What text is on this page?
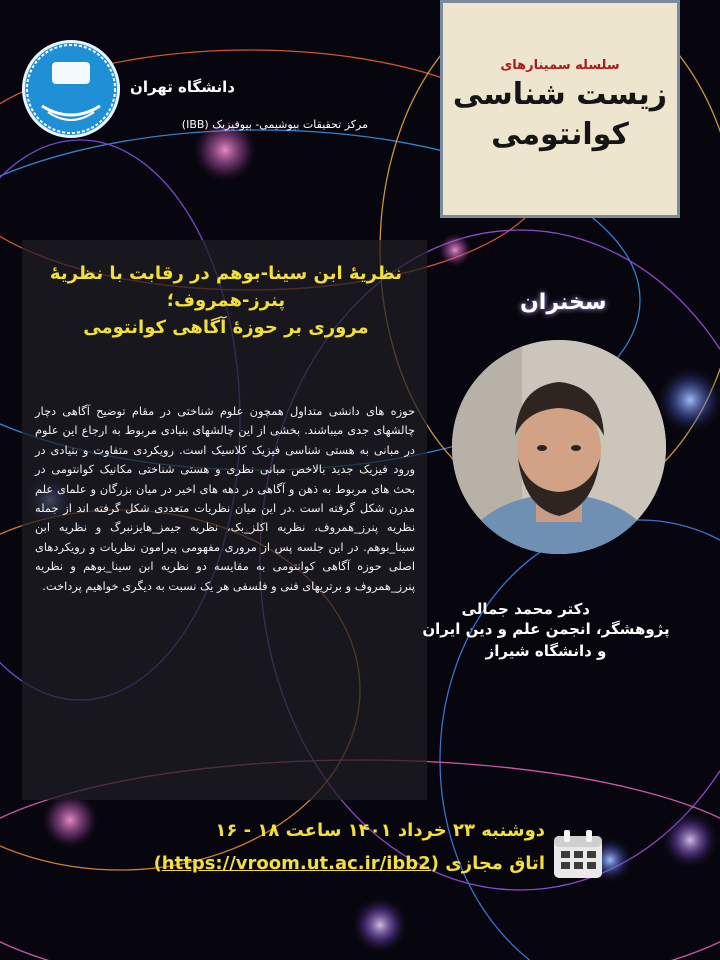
دانشگاه تهران
مرکز تحقیقات بیوشیمی- بیوفیزیک (IBB)
سلسله سمینارهای
زیست شناسی
کوانتومی
نظریهٔ ابن سینا-بوهم در رقابت با نظریهٔ
پنرز-همروف؛
مروری بر حوزهٔ آگاهی کوانتومی
حوزه های دانشی متداول همچون علوم شناختی در مقام توضیح آگاهی دچار چالشهای جدی میباشند. بخشی از این چالشهای بنیادی مربوط به ارجاع این علوم در مبانی به هستی شناسی فیزیک کلاسیک است. رویکردی متفاوت و بنیادی در ورود فیزیک جدید بالاخص مبانی نظری و هستی شناختی مکانیک کوانتومی در بحث های مربوط به ذهن و آگاهی در دهه های اخیر در میان بزرگان و علمای علم مدرن شکل گرفته است .در این میان نظریات متعددی شکل گرفته اند از جمله نظریه پنرز_همروف، نظریه اکلز_بک، نظریه جیمز_هایزنبرگ و نظریه ابن سینا_بوهم. در این جلسه پس از مروری مفهومی پیرامون نظریات و رویکردهای اصلی حوزه آگاهی کوانتومی به مقایسه دو نظریه ابن سینا_بوهم و نظریه پنرز_همروف و برتریهای فنی و فلسفی هر یک نسبت به دیگری خواهیم پرداخت.
سخنران
دکتر محمد جمالی
پژوهشگر، انجمن علم و دین ایران
و دانشگاه شیراز
دوشنبه ۲۳ خرداد ۱۴۰۱ ساعت ۱۸ - ۱۶
اتاق مجازی (https://vroom.ut.ac.ir/ibb2)
